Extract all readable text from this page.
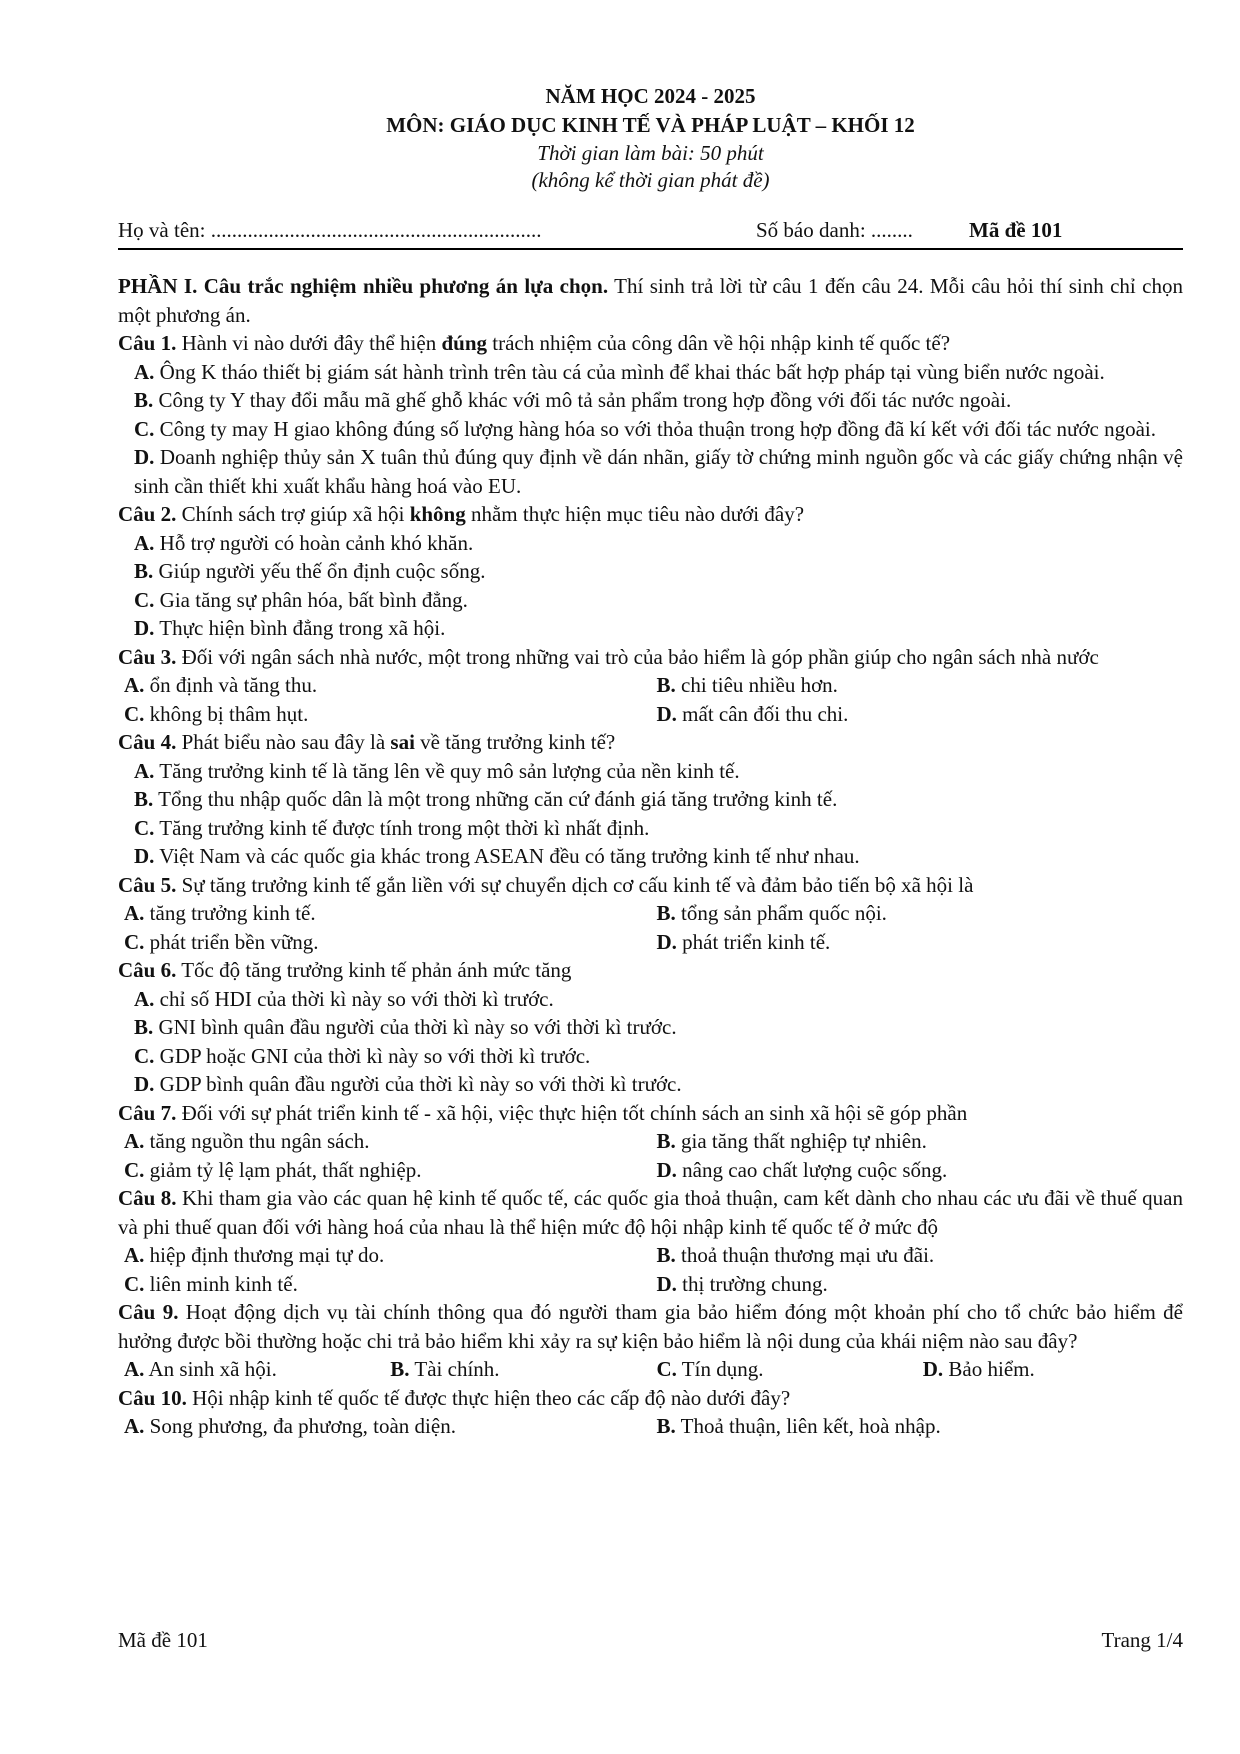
NĂM HỌC 2024 - 2025
MÔN: GIÁO DỤC KINH TẾ VÀ PHÁP LUẬT – KHỐI 12
Thời gian làm bài: 50 phút
(không kể thời gian phát đề)
Họ và tên: ...............................................................	Số báo danh: ........	Mã đề 101

PHẦN I. Câu trắc nghiệm nhiều phương án lựa chọn. Thí sinh trả lời từ câu 1 đến câu 24. Mỗi câu hỏi thí sinh chỉ chọn một phương án.

Câu 1. Hành vi nào dưới đây thể hiện đúng trách nhiệm của công dân về hội nhập kinh tế quốc tế?

A. Ông K tháo thiết bị giám sát hành trình trên tàu cá của mình để khai thác bất hợp pháp tại vùng biển nước ngoài.

B. Công ty Y thay đổi mẫu mã ghế ghỗ khác với mô tả sản phẩm trong hợp đồng với đối tác nước ngoài.

C. Công ty may H giao không đúng số lượng hàng hóa so với thỏa thuận trong hợp đồng đã kí kết với đối tác nước ngoài.

D. Doanh nghiệp thủy sản X tuân thủ đúng quy định về dán nhãn, giấy tờ chứng minh nguồn gốc và các giấy chứng nhận vệ sinh cần thiết khi xuất khẩu hàng hoá vào EU.

Câu 2. Chính sách trợ giúp xã hội không nhằm thực hiện mục tiêu nào dưới đây?

A. Hỗ trợ người có hoàn cảnh khó khăn.

B. Giúp người yếu thế ổn định cuộc sống.

C. Gia tăng sự phân hóa, bất bình đẳng.

D. Thực hiện bình đẳng trong xã hội.

Câu 3. Đối với ngân sách nhà nước, một trong những vai trò của bảo hiểm là góp phần giúp cho ngân sách nhà nước

A. ổn định và tăng thu.	B. chi tiêu nhiều hơn.
C. không bị thâm hụt.	D. mất cân đối thu chi.

Câu 4. Phát biểu nào sau đây là sai về tăng trưởng kinh tế?

A. Tăng trưởng kinh tế là tăng lên về quy mô sản lượng của nền kinh tế.

B. Tổng thu nhập quốc dân là một trong những căn cứ đánh giá tăng trưởng kinh tế.

C. Tăng trưởng kinh tế được tính trong một thời kì nhất định.

D. Việt Nam và các quốc gia khác trong ASEAN đều có tăng trưởng kinh tế như nhau.

Câu 5. Sự tăng trưởng kinh tế gắn liền với sự chuyển dịch cơ cấu kinh tế và đảm bảo tiến bộ xã hội là

A. tăng trưởng kinh tế.	B. tổng sản phẩm quốc nội.
C. phát triển bền vững.	D. phát triển kinh tế.

Câu 6. Tốc độ tăng trưởng kinh tế phản ánh mức tăng

A. chỉ số HDI của thời kì này so với thời kì trước.

B. GNI bình quân đầu người của thời kì này so với thời kì trước.

C. GDP hoặc GNI của thời kì này so với thời kì trước.

D. GDP bình quân đầu người của thời kì này so với thời kì trước.

Câu 7. Đối với sự phát triển kinh tế - xã hội, việc thực hiện tốt chính sách an sinh xã hội sẽ góp phần

A. tăng nguồn thu ngân sách.	B. gia tăng thất nghiệp tự nhiên.
C. giảm tỷ lệ lạm phát, thất nghiệp.	D. nâng cao chất lượng cuộc sống.

Câu 8. Khi tham gia vào các quan hệ kinh tế quốc tế, các quốc gia thoả thuận, cam kết dành cho nhau các ưu đãi về thuế quan và phi thuế quan đối với hàng hoá của nhau là thể hiện mức độ hội nhập kinh tế quốc tế ở mức độ

A. hiệp định thương mại tự do.	B. thoả thuận thương mại ưu đãi.
C. liên minh kinh tế.	D. thị trường chung.

Câu 9. Hoạt động dịch vụ tài chính thông qua đó người tham gia bảo hiểm đóng một khoản phí cho tổ chức bảo hiểm để hưởng được bồi thường hoặc chi trả bảo hiểm khi xảy ra sự kiện bảo hiểm là nội dung của khái niệm nào sau đây?

A. An sinh xã hội.	B. Tài chính.	C. Tín dụng.	D. Bảo hiểm.

Câu 10. Hội nhập kinh tế quốc tế được thực hiện theo các cấp độ nào dưới đây?

A. Song phương, đa phương, toàn diện.	B. Thoả thuận, liên kết, hoà nhập.
Mã đề 101	Trang 1/4
